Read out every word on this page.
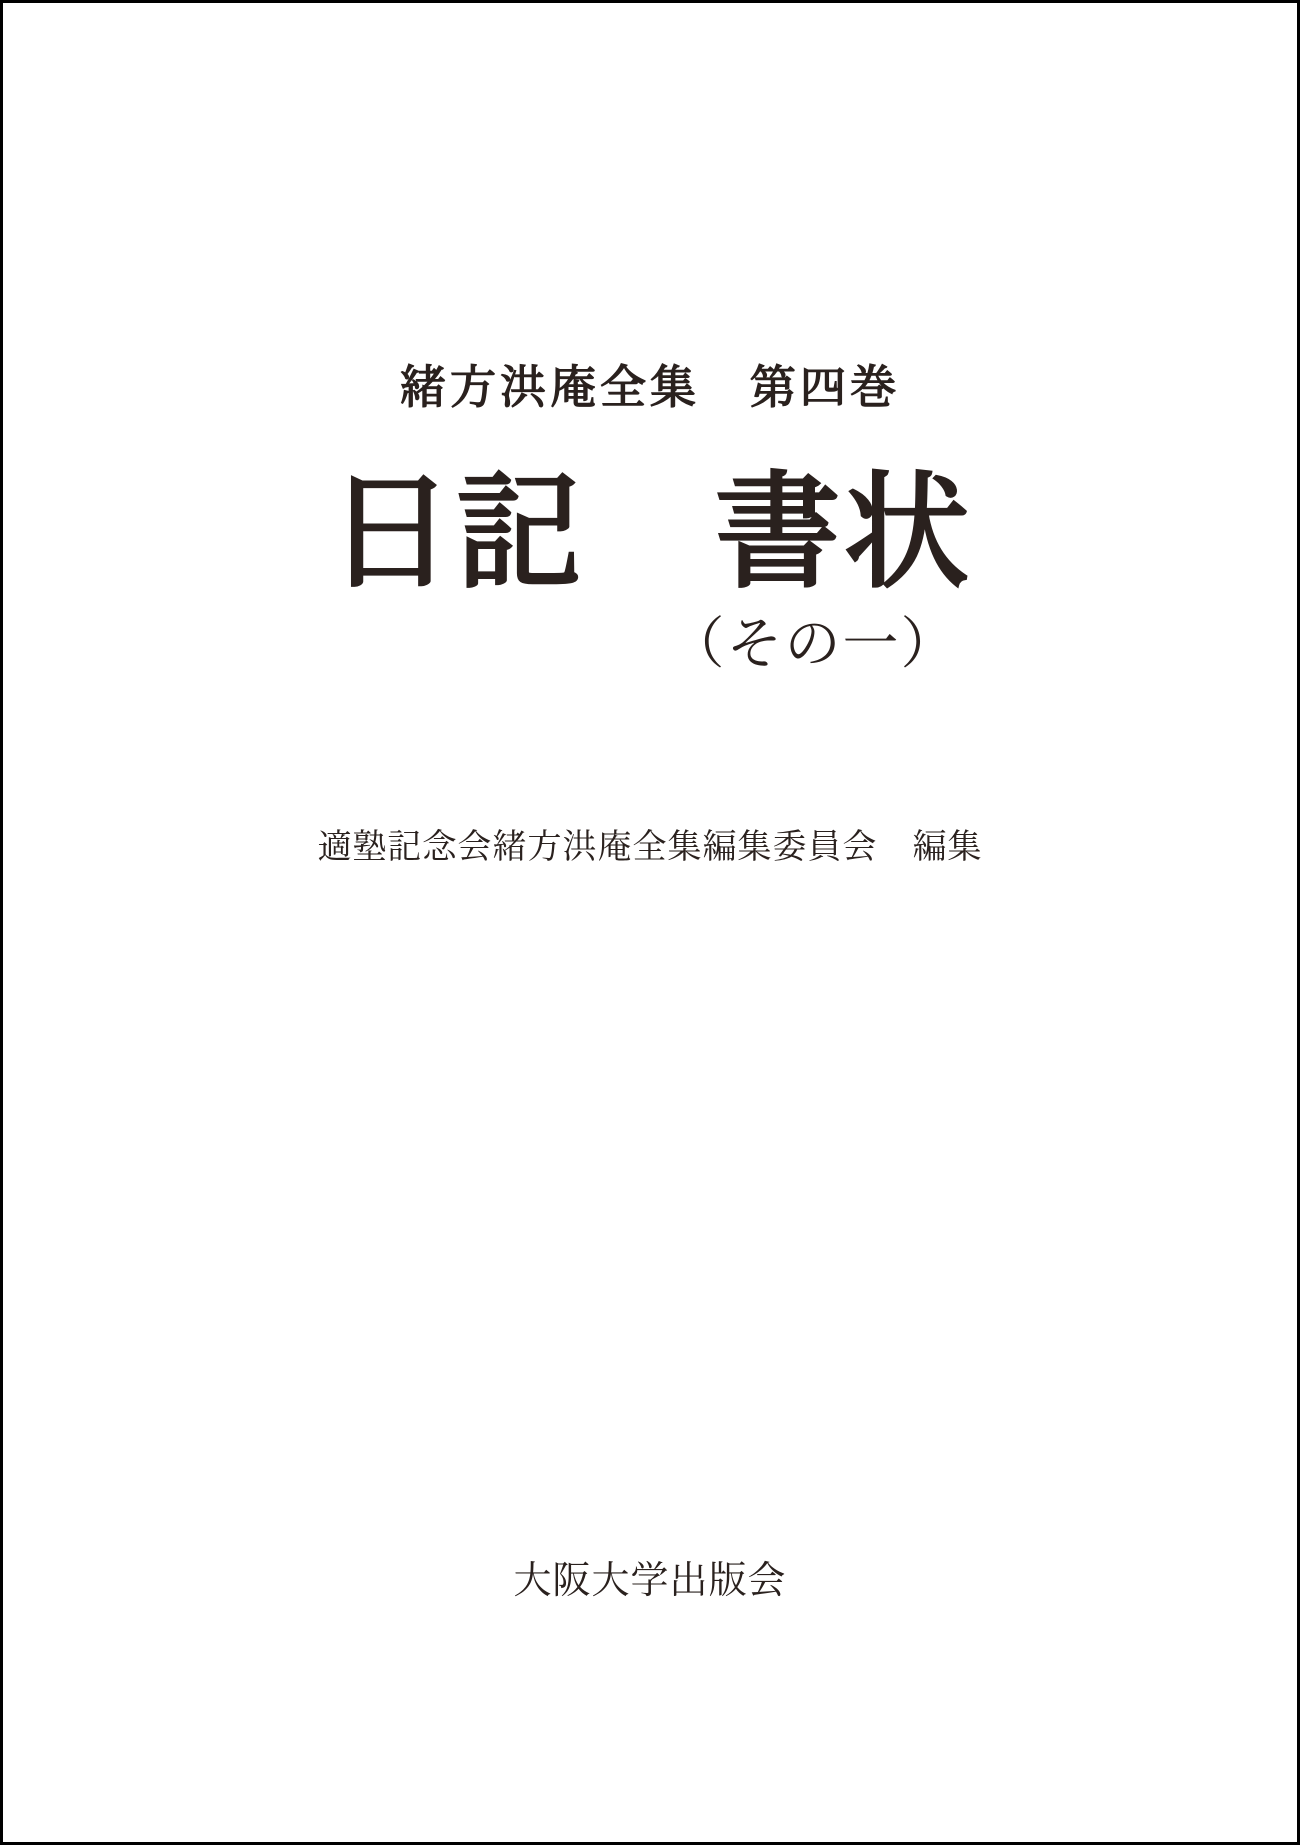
緒方洪庵全集　第四巻
日記　書状
（その一）
適塾記念会緒方洪庵全集編集委員会　編集
大阪大学出版会
